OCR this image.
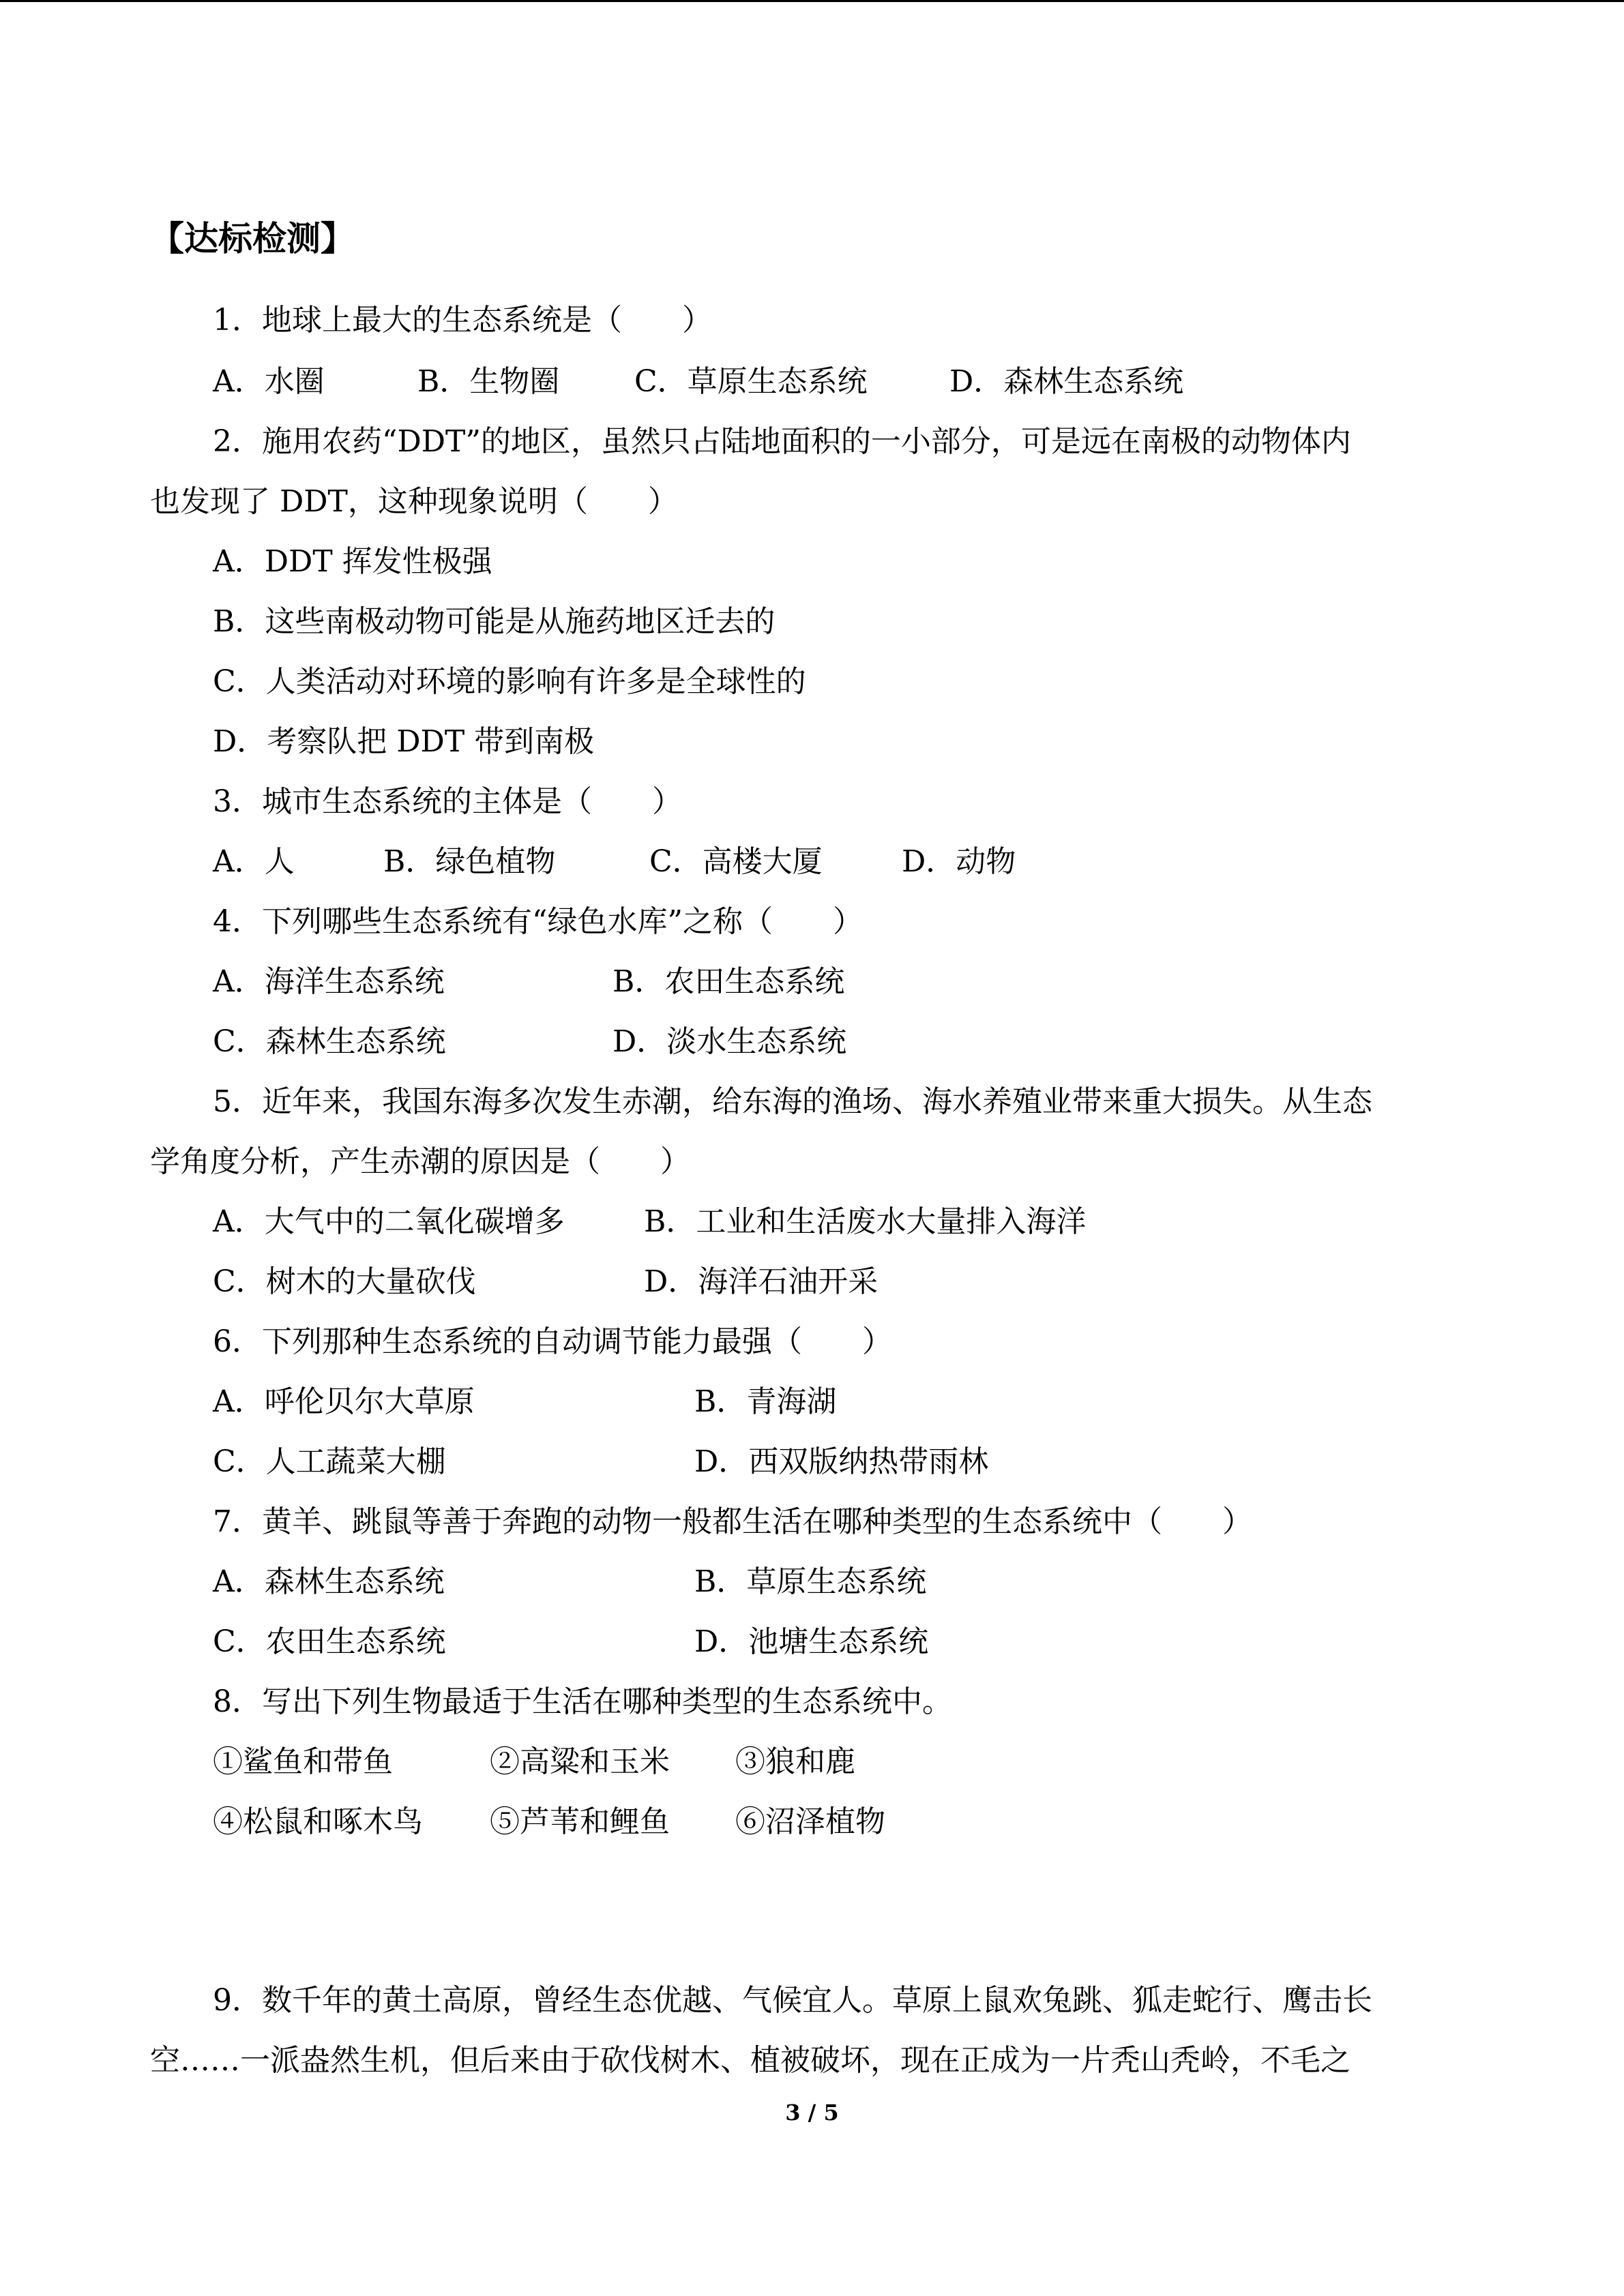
【达标检测】
1．地球上最大的生态系统是（　　）
A．水圈	B．生物圈 C．草原生态系统	D．森林生态系统
2．施用农药“DDT”的地区，虽然只占陆地面积的一小部分，可是远在南极的动物体内
也发现了 DDT，这种现象说明（　　）
A．DDT 挥发性极强
B．这些南极动物可能是从施药地区迁去的
C．人类活动对环境的影响有许多是全球性的
D．考察队把 DDT 带到南极
3．城市生态系统的主体是（　　）
A．人	B．绿色植物	C．高楼大厦	D．动物
4．下列哪些生态系统有“绿色水库”之称（　　）
A．海洋生态系统	B．农田生态系统
C．森林生态系统	D．淡水生态系统
5．近年来，我国东海多次发生赤潮，给东海的渔场、海水养殖业带来重大损失。从生态
学角度分析，产生赤潮的原因是（　　）
A．大气中的二氧化碳增多	B．工业和生活废水大量排入海洋
C．树木的大量砍伐	D．海洋石油开采
6．下列那种生态系统的自动调节能力最强（　　）
A．呼伦贝尔大草原	B．青海湖
C．人工蔬菜大棚	D．西双版纳热带雨林
7．黄羊、跳鼠等善于奔跑的动物一般都生活在哪种类型的生态系统中（　　）
A．森林生态系统	B．草原生态系统
C．农田生态系统	D．池塘生态系统
8．写出下列生物最适于生活在哪种类型的生态系统中。
①鲨鱼和带鱼	②高粱和玉米 ③狼和鹿
④松鼠和啄木鸟 ⑤芦苇和鲤鱼 ⑥沼泽植物
9．数千年的黄土高原，曾经生态优越、气候宜人。草原上鼠欢兔跳、狐走蛇行、鹰击长
空……一派盎然生机，但后来由于砍伐树木、植被破坏，现在正成为一片秃山秃岭，不毛之
3 / 5
